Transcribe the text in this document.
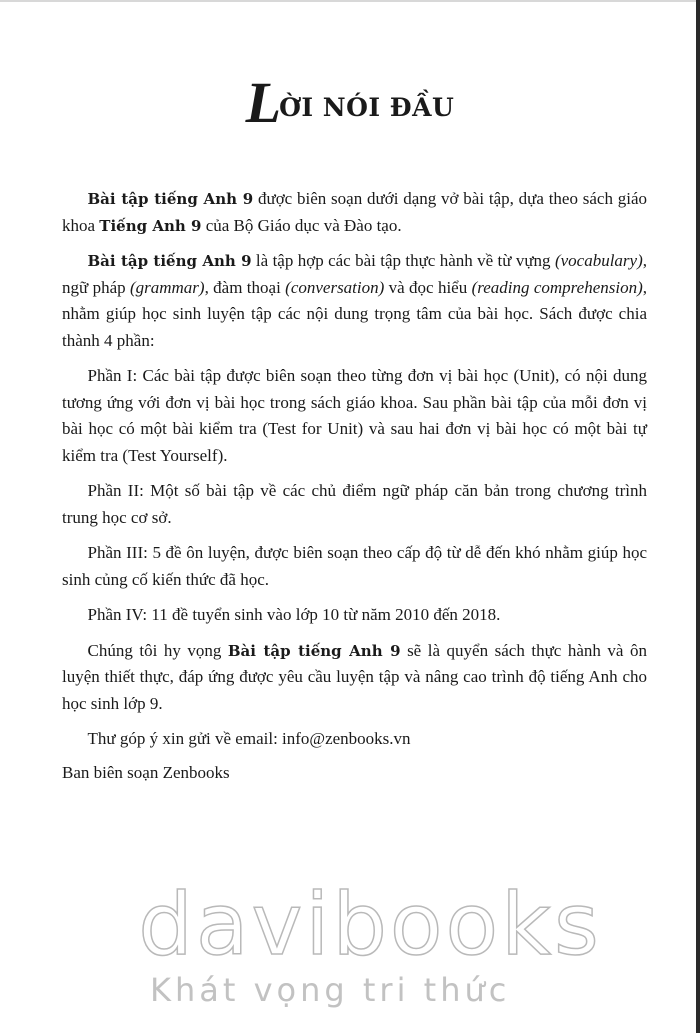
LỜI NÓI ĐẦU

  Bài tập tiếng Anh 9 được biên soạn dưới dạng vở bài tập, dựa theo sách giáo khoa Tiếng Anh 9 của Bộ Giáo dục và Đào tạo.

  Bài tập tiếng Anh 9 là tập hợp các bài tập thực hành về từ vựng (vocabulary), ngữ pháp (grammar), đàm thoại (conversation) và đọc hiểu (reading comprehension), nhằm giúp học sinh luyện tập các nội dung trọng tâm của bài học. Sách được chia thành 4 phần:

  Phần I: Các bài tập được biên soạn theo từng đơn vị bài học (Unit), có nội dung tương ứng với đơn vị bài học trong sách giáo khoa. Sau phần bài tập của mỗi đơn vị bài học có một bài kiểm tra (Test for Unit) và sau hai đơn vị bài học có một bài tự kiểm tra (Test Yourself).

  Phần II: Một số bài tập về các chủ điểm ngữ pháp căn bản trong chương trình trung học cơ sở.

  Phần III: 5 đề ôn luyện, được biên soạn theo cấp độ từ dễ đến khó nhằm giúp học sinh củng cố kiến thức đã học.

  Phần IV: 11 đề tuyển sinh vào lớp 10 từ năm 2010 đến 2018.

  Chúng tôi hy vọng Bài tập tiếng Anh 9 sẽ là quyển sách thực hành và ôn luyện thiết thực, đáp ứng được yêu cầu luyện tập và nâng cao trình độ tiếng Anh cho học sinh lớp 9.

  Thư góp ý xin gửi về email: info@zenbooks.vn

Ban biên soạn Zenbooks
davibooks
Khát vọng tri thức
